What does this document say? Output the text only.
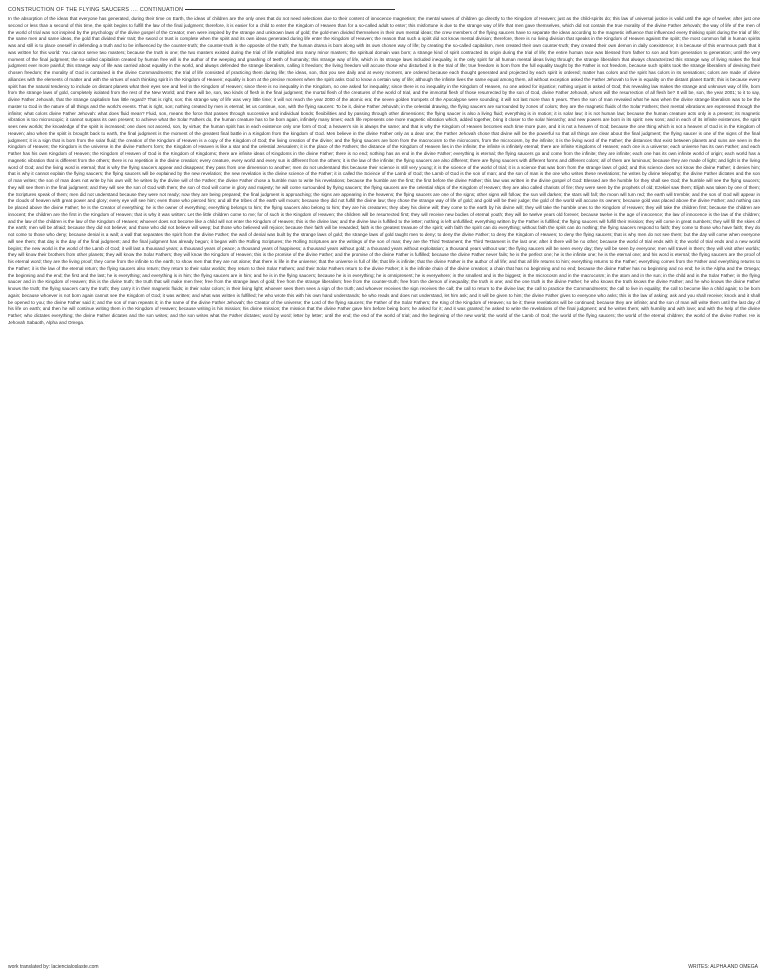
CONSTRUCTION OF THE FLYING SAUCERS .... CONTINUATION
In the absorption of the ideas that everyone has generated, during their time on Earth, the ideas of children are the only ones that do not need selections due to their content of innocence magnetism; the mental waves of children go directly to the Kingdom of Heaven; just as the child-spirits do; this law of universal justice is valid until the age of twelve; after just one second or less than a second of this time, the spirit begins to fulfill the law of the final judgment; therefore, it is easier for a child to enter the Kingdom of Heaven than for a so-called adult to enter; this misfortune is due to the strange way of life that men gave themselves, which did not contain the true morality of the divine Father Jehovah; the way of life of the men of the world of trial was not inspired by the psychology of the divine gospel of the Creator; men were inspired by the strange and unknown laws of gold; the gold-men divided themselves in their own mental ideas; the crew members of the flying saucers have to separate the ideas according to the magnetic influence that influenced every thinking spirit during the trial of life; the same men and same ideas, the gold that divided their trait; the sword or trust is complete when the spirit and its own ideas generated during life enter the Kingdom of Heaven; the reason that such a spirit did not know mental division; therefore, there is no living division that speaks in the Kingdom of Heaven against the spirit; the most common fall in human spirits was and still is to place oneself in defending a truth and to be influenced by the counter-truth; the counter-truth is the opposite of the truth; the human drama is born along with its own chosen way of life; by creating the so-called capitalism, men created their own counter-truth; they created their own demon in daily coexistence; it is because of this enormous path that it was written for this world: You cannot serve two masters; because the truth is one; the two masters existed during the trial of life multiplied into many minor masters; the spiritual domain was born; a strange kind of spirit contracted its origin during the trial of life; the entire human race was blessed from father to son and from generation to generation; until the very moment of the final judgment; the so-called capitalism created by human free will is the author of the weeping and gnashing of teeth of humanity; this strange way of life, which in its strange laws included inequality, is the only spirit for all human mental ideas living through; the strange liberalism that always characterized this strange way of living makes the final judgment ever more painful; this strange way of life was carried about equality in the world, and always defended the strange liberalism, calling it freedom; the living freedom will accuse those who disturbed it in the trial of life; true freedom is born from the full equality taught by the Father is not freedom, because such spirits took the strange liberalism of devising their chosen freedom; the morality of God is contained in the divine Commandments; the trial of life consisted of practicing them during life; the ideas, son, that you see daily and at every moment, are ordered because each thought generated and projected by each spirit is ordered; matter has colors and the spirit has colors in its sensations; colors are made of divine alliances with the elements of matter and with the virtues of each thinking spirit in the Kingdom of Heaven; equality is born at the precise moment when the spirit asks God to know a certain way of life; although the infinite lives the same equal among them, all without exception asked the Father Jehovah to live in equality on the distant planet Earth; this is because every spirit has the natural tendency to include on distant planets what their eyes see and feel in the Kingdom of Heaven; since there is no inequality in the Kingdom, no one asked for inequality; since there is no inequality in the Kingdom of Heaven, no one asked for injustice; nothing unjust is asked of God; this revealing law makes the strange and unknown way of life, born from the strange laws of gold, completely isolated from the rest of the New World; and there will be, son, two kinds of flesh in the final judgment; the mortal flesh of the creatures of the world of trial, and the immortal flesh of those resurrected by the son of God, divine Father Jehovah, whom will the resurrection of all flesh be? It will be, son, the year 2001; to it to say, divine Father Jehovah, that the strange capitalism has little regard? That is right, son; this strange way of life was very little time; it will not reach the year 2000 of the atomic era; the seven golden trumpets of the Apocalypse were sounding; it will not last more than 5 years. Then the son of man revealed what he was when the divine strange liberalism was to be the master to God in the nature of all things and the world's events. That is right, son; nothing created by men is eternal; let us continue, son, with the flying saucers: To be it, divine Father Jehovah; in the celestial drawing, the flying saucers are surrounded by zones of colors; they are the magnetic fluids of the Solar Fathers; their mental vibrations are expressed through the infinite; what colors divine Father Jehovah: what does fluid mean? Fluid, son, means the force that passes through successive and individual bonds; flexibilities and by passing through other dimensions; the flying saucer is also a living fluid; everything is in motion; it is solar law; it is not human law; because the human creature acts only in a present; its magnetic vibration is too microscopic; it cannot surpass its own present; to achieve what the Solar Fathers do, the human creature has to be born again, infinitely many times; each life represents one more magnetic vibration which, added together, bring it closer to the solar hierarchy; and new powers are born in its spirit: new sons; and in each of its infinite existences, the spirit sees new worlds; the knowledge of the spirit is increased; one does not ascend, son, by virtue; the human spirit has in each existence only one form of God; a heaven's sin is always the same; and that is why the Kingdom of Heaven becomes each time more pure, and it is not a heaven of God; because the one thing which is not a heaven of God is in the Kingdom of Heaven; also when the spirit is brought back to earth, the final judgment is the moment of the greatest final battle in a Kingdom from the kingdom of God. Men believe in the divine Father only as a dear one; the Father Jehovah chose that divine will be the powerful so that all things are clear about the final judgment; the flying saucer is one of the signs of the final judgment; it is a sign that is born from the solar fluid; the creation of the Kingdom of Heaven is a copy of the Kingdom of God; the living creation of the divine; and the flying saucers are born from the macrocosm to the microcosm, from the microcosm, by the infinite; it is the living word of the Father; the distances that exist between planets and suns are seen in the Kingdom of Heaven; the Kingdom is the universe in the divine Father's form; the Kingdom of Heaven is like a star and the celestial Jerusalem; it is the place of the Fathers; the distance of the Kingdom of Heaven lies in the infinite; the infinite is infinitely eternal; there are infinite Kingdoms of Heaven; each one is a universe; each universe has its own Father; and each Father has his own Kingdom of Heaven; the Kingdom of Heaven of God is the Kingdom of Kingdoms; there are infinite ideas of Kingdoms in the divine Father; there is no end; nothing has an end in the divine Father; everything is eternal; the flying saucers go and come from the infinite; they are infinite; each one has its own infinite world of origin; each world has a magnetic vibration that is different from the others; there is no repetition in the divine creation; every creature, every world and every sun is different from the others; it is the law of the infinite; the flying saucers are also different; there are flying saucers with different forms and different colors; all of them are luminous; because they are made of light; and light is the living word of God; and the living word is eternal; that is why the flying saucers appear and disappear; they pass from one dimension to another; men do not understand this because their science is still very young; it is the science of the world of trial; it is a science that was born from the strange laws of gold; and this science does not know the divine Father; it denies him; that is why it cannot explain the flying saucers; the flying saucers will be explained by the new revelation; the new revelation is the divine science of the Father; it is called the Science of the Lamb of God; the Lamb of God is the son of man; and the son of man is the one who writes these revelations; he writes by divine telepathy; the divine Father dictates and the son of man writes; the son of man does not write by his own will; he writes by the divine will of the Father; the divine Father chose a humble man to write his revelations; because the humble are the first; the first before the divine Father; this law was written in the divine gospel of God: Blessed are the humble for they shall see God; the humble will see the flying saucers; they will see them in the final judgment; and they will see the son of God with them; the son of God will come in glory and majesty; he will come surrounded by flying saucers; the flying saucers are the celestial ships of the Kingdom of Heaven; they are also called chariots of fire; they were seen by the prophets of old; Ezekiel saw them; Elijah was taken by one of them; the Scriptures speak of them; men did not understand because they were not ready; now they are being prepared; the final judgment is approaching; the signs are appearing in the heavens; the flying saucers are one of the signs; other signs will follow; the sun will darken; the stars will fall; the moon will turn red; the earth will tremble; and the son of God will appear in the clouds of heaven with great power and glory; every eye will see him; even those who pierced him; and all the tribes of the earth will mourn; because they did not fulfill the divine law; they chose the strange way of life of gold; and gold will be their judge; the gold of the world will accuse its owners; because gold was placed above the divine Father; and nothing can be placed above the divine Father; he is the Creator of everything; he is the owner of everything; everything belongs to him; the flying saucers also belong to him; they are his creatures; they obey his divine will; they come to the earth by his divine will; they will take the humble ones to the Kingdom of Heaven; they will take the children first; because the children are innocent; the children are the first in the Kingdom of Heaven; that is why it was written: Let the little children come to me; for of such is the Kingdom of Heaven; the children will be resurrected first; they will receive new bodies of eternal youth; they will be twelve years old forever; because twelve is the age of innocence; the law of innocence is the law of the children; and the law of the children is the law of the Kingdom of Heaven; whoever does not become like a child will not enter the Kingdom of Heaven; this is the divine law; and the divine law is fulfilled to the letter; nothing is left unfulfilled; everything written by the Father is fulfilled; the flying saucers will fulfill their mission; they will come in great numbers; they will fill the skies of the earth; men will be afraid; because they did not believe; and those who did not believe will weep; but those who believed will rejoice; because their faith will be rewarded; faith is the greatest treasure of the spirit; with faith the spirit can do everything; without faith the spirit can do nothing; the flying saucers respond to faith; they come to those who have faith; they do not come to those who deny; because denial is a wall; a wall that separates the spirit from the divine Father; the wall of denial was built by the strange laws of gold; the strange laws of gold taught men to deny; to deny the divine Father; to deny the Kingdom of Heaven; to deny the flying saucers; that is why men do not see them; but the day will come when everyone will see them; that day is the day of the final judgment; and the final judgment has already begun; it began with the Rolling Scriptures; the Rolling Scriptures are the writings of the son of man; they are the Third Testament; the Third Testament is the last one; after it there will be no other; because the world of trial ends with it; the world of trial ends and a new world begins; the new world is the world of the Lamb of God; it will last a thousand years; a thousand years of peace; a thousand years of happiness; a thousand years without gold; a thousand years without exploitation; a thousand years without war; the flying saucers will be seen every day; they will be seen by everyone; men will travel in them; they will visit other worlds; they will know their brothers from other planets; they will know the Solar Fathers; they will know the Kingdom of Heaven; this is the promise of the divine Father; and the promise of the divine Father is fulfilled; because the divine Father never fails; he is the perfect one; he is the infinite one; he is the eternal one; and his word is eternal; the flying saucers are the proof of his eternal word; they are the living proof; they come from the infinite to the earth; to show men that they are not alone; that there is life in the universe; that the universe is full of life; that life is infinite; that the divine Father is the author of all life; and that all life returns to him; everything returns to the Father; everything comes from the Father and everything returns to the Father; it is the law of the eternal return; the flying saucers also return; they return to their solar worlds; they return to their Solar Fathers; and their Solar Fathers return to the divine Father; it is the infinite chain of the divine creation; a chain that has no beginning and no end; because the divine Father has no beginning and no end; he is the Alpha and the Omega; the beginning and the end; the first and the last; he is everything; and everything is in him; the flying saucers are in him; and he is in the flying saucers; because he is in everything; he is omnipresent; he is everywhere; in the smallest and in the biggest; in the microcosm and in the macrocosm; in the atom and in the sun; in the child and in the Solar Father; in the flying saucer and in the Kingdom of Heaven; this is the divine truth; the truth that will make men free; free from the strange laws of gold; free from the strange liberalism; free from the counter-truth; free from the demon of inequality; the truth is one; and the one truth is the divine Father; he who knows the truth knows the divine Father; and he who knows the divine Father knows the truth; the flying saucers carry the truth; they carry it in their magnetic fluids; in their solar colors; in their living light; whoever sees them sees a sign of the truth; and whoever receives the sign receives the call; the call to return to the divine law; the call to practice the Commandments; the call to live in equality; the call to become like a child again; to be born again; because whoever is not born again cannot see the Kingdom of God; it was written; and what was written is fulfilled; he who wrote this with his own hand understands; he who reads and does not understand, let him ask; and it will be given to him; the divine Father gives to everyone who asks; this is the law of asking; ask and you shall receive; knock and it shall be opened to you; the divine Father said it; and the son of man repeats it; in the name of the divine Father Jehovah; the Creator of the universe; the Lord of the flying saucers; the Father of the Solar Fathers; the King of the Kingdom of Heaven; so be it; these revelations will be continued; because they are infinite; and the son of man will write them until the last day of his life on earth; and then he will continue writing them in the Kingdom of Heaven; because writing is his mission; his divine mission; the mission that the divine Father gave him before being born; he asked for it; and it was granted; he asked to write the revelations of the final judgment; and he writes them; with humility and with love; and with the help of the divine Father; who dictates everything; the divine Father dictates and the son writes; and the son writes what the Father dictates; word by word; letter by letter; until the end; the end of the world of trial; and the beginning of the new world; the world of the Lamb of God; the world of the flying saucers; the world of the eternal children; the world of the divine Father. He is Jehovah Sabaoth, Alpha and Omega.
work translated by: laciencialoslaste.com	WRITES: ALPHA AND OMEGA
